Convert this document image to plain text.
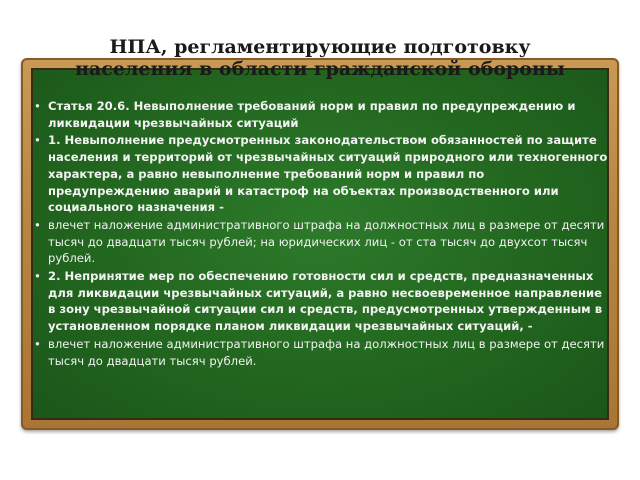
НПА, регламентирующие подготовку
населения в области гражданской обороны
• Статья 20.6. Невыполнение требований норм и правил по предупреждению и ликвидации чрезвычайных ситуаций
• 1. Невыполнение предусмотренных законодательством обязанностей по защите населения и территорий от чрезвычайных ситуаций природного или техногенного характера, а равно невыполнение требований норм и правил по предупреждению аварий и катастроф на объектах производственного или социального назначения -
• влечет наложение административного штрафа на должностных лиц в размере от десяти тысяч до двадцати тысяч рублей; на юридических лиц - от ста тысяч до двухсот тысяч рублей.
• 2. Непринятие мер по обеспечению готовности сил и средств, предназначенных для ликвидации чрезвычайных ситуаций, а равно несвоевременное направление в зону чрезвычайной ситуации сил и средств, предусмотренных утвержденным в установленном порядке планом ликвидации чрезвычайных ситуаций, -
• влечет наложение административного штрафа на должностных лиц в размере от десяти тысяч до двадцати тысяч рублей.
